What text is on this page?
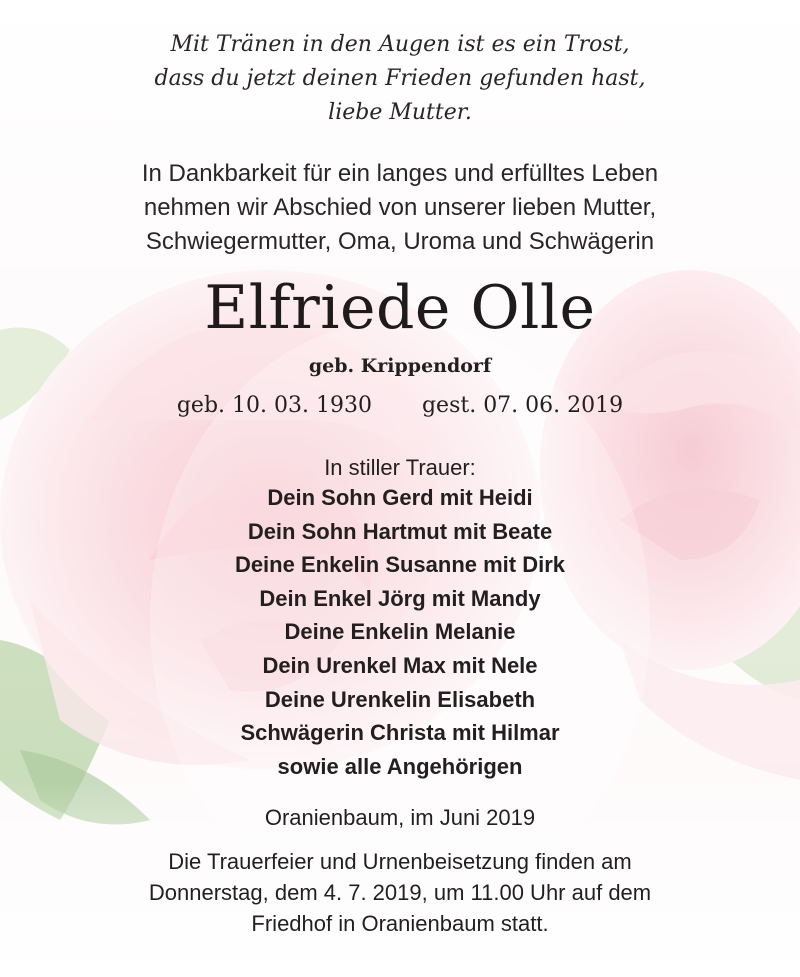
Mit Tränen in den Augen ist es ein Trost,
dass du jetzt deinen Frieden gefunden hast,
liebe Mutter.
In Dankbarkeit für ein langes und erfülltes Leben
nehmen wir Abschied von unserer lieben Mutter,
Schwiegermutter, Oma, Uroma und Schwägerin
Elfriede Olle
geb. Krippendorf
geb. 10. 03. 1930 gest. 07. 06. 2019
In stiller Trauer:
Dein Sohn Gerd mit Heidi
Dein Sohn Hartmut mit Beate
Deine Enkelin Susanne mit Dirk
Dein Enkel Jörg mit Mandy
Deine Enkelin Melanie
Dein Urenkel Max mit Nele
Deine Urenkelin Elisabeth
Schwägerin Christa mit Hilmar
sowie alle Angehörigen
Oranienbaum, im Juni 2019
Die Trauerfeier und Urnenbeisetzung finden am
Donnerstag, dem 4. 7. 2019, um 11.00 Uhr auf dem
Friedhof in Oranienbaum statt.
